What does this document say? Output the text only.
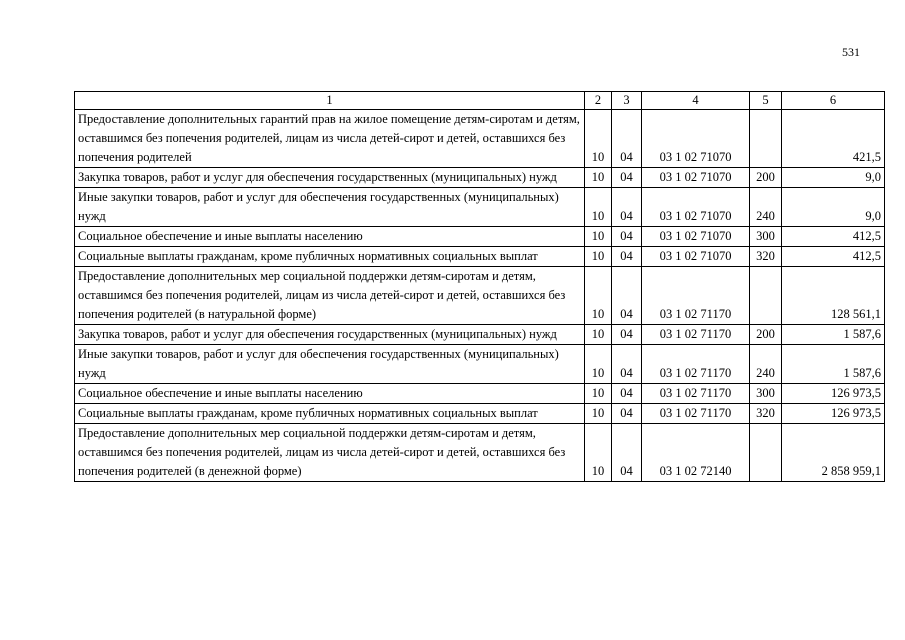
531
1	2	3	4	5	6
Предоставление дополнительных гарантий прав на жилое помещение детям-сиротам и детям, оставшимся без попечения родителей, лицам из числа детей-сирот и детей, оставшихся без попечения родителей	10	04	03 1 02 71070		421,5
Закупка товаров, работ и услуг для обеспечения государственных (муниципальных) нужд	10	04	03 1 02 71070	200	9,0
Иные закупки товаров, работ и услуг для обеспечения государственных (муниципальных) нужд	10	04	03 1 02 71070	240	9,0
Социальное обеспечение и иные выплаты населению	10	04	03 1 02 71070	300	412,5
Социальные выплаты гражданам, кроме публичных нормативных социальных выплат	10	04	03 1 02 71070	320	412,5
Предоставление дополнительных мер социальной поддержки детям-сиротам и детям, оставшимся без попечения родителей, лицам из числа детей-сирот и детей, оставшихся без попечения родителей (в натуральной форме)	10	04	03 1 02 71170		128 561,1
Закупка товаров, работ и услуг для обеспечения государственных (муниципальных) нужд	10	04	03 1 02 71170	200	1 587,6
Иные закупки товаров, работ и услуг для обеспечения государственных (муниципальных) нужд	10	04	03 1 02 71170	240	1 587,6
Социальное обеспечение и иные выплаты населению	10	04	03 1 02 71170	300	126 973,5
Социальные выплаты гражданам, кроме публичных нормативных социальных выплат	10	04	03 1 02 71170	320	126 973,5
Предоставление дополнительных мер социальной поддержки детям-сиротам и детям, оставшимся без попечения родителей, лицам из числа детей-сирот и детей, оставшихся без попечения родителей (в денежной форме)	10	04	03 1 02 72140		2 858 959,1
